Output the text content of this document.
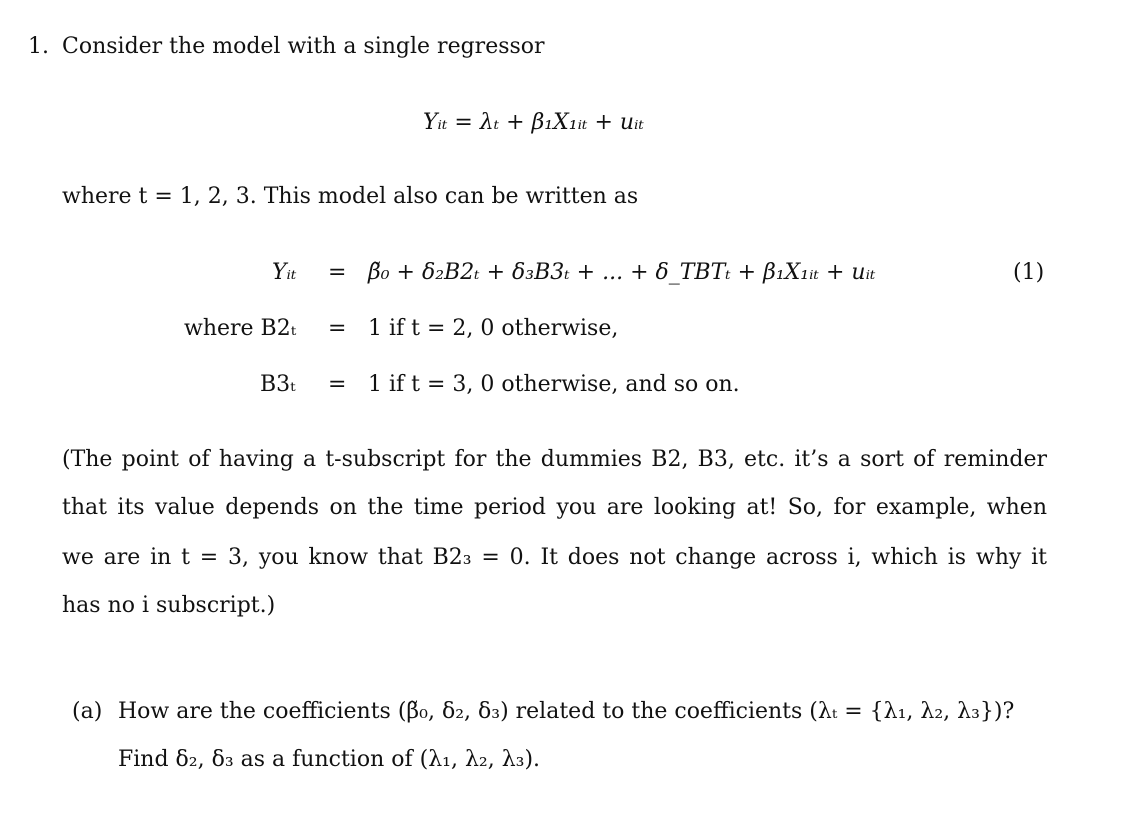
1. Consider the model with a single regressor
Yᵢₜ = λₜ + β₁X₁ᵢₜ + uᵢₜ
where t = 1, 2, 3. This model also can be written as
Yᵢₜ = β̃₀ + δ₂B2ₜ + δ₃B3ₜ + ... + δ_TBTₜ + β₁X₁ᵢₜ + uᵢₜ	(1)
where B2ₜ = 1 if t = 2, 0 otherwise,
B3ₜ = 1 if t = 3, 0 otherwise, and so on.
(The point of having a t-subscript for the dummies B2, B3, etc. it’s a sort of reminder
that its value depends on the time period you are looking at! So, for example, when
we are in t = 3, you know that B2₃ = 0. It does not change across i, which is why it
has no i subscript.)
(a) How are the coefficients (β̃₀, δ₂, δ₃) related to the coefficients (λₜ = {λ₁, λ₂, λ₃})?
Find δ₂, δ₃ as a function of (λ₁, λ₂, λ₃).
